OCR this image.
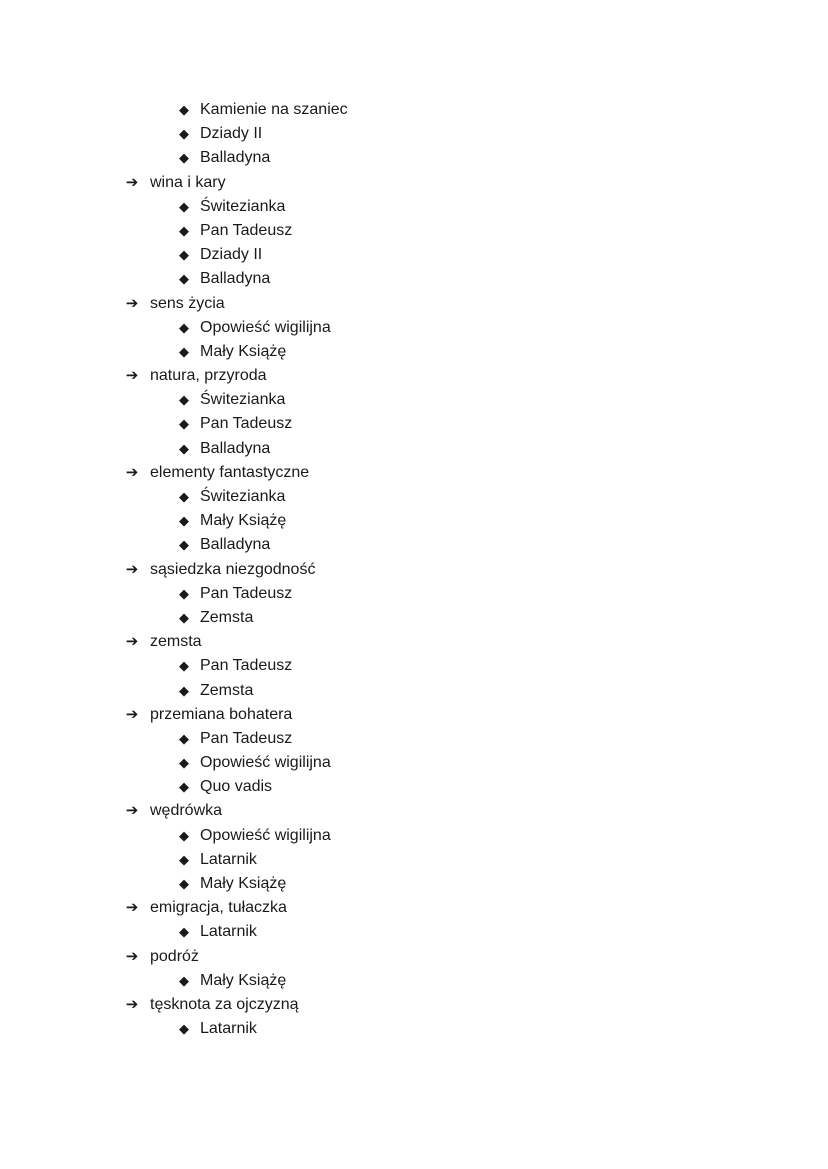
◆ Kamienie na szaniec
◆ Dziady II
◆ Balladyna
➔ wina i kary
◆ Świtezianka
◆ Pan Tadeusz
◆ Dziady II
◆ Balladyna
➔ sens życia
◆ Opowieść wigilijna
◆ Mały Książę
➔ natura, przyroda
◆ Świtezianka
◆ Pan Tadeusz
◆ Balladyna
➔ elementy fantastyczne
◆ Świtezianka
◆ Mały Książę
◆ Balladyna
➔ sąsiedzka niezgodność
◆ Pan Tadeusz
◆ Zemsta
➔ zemsta
◆ Pan Tadeusz
◆ Zemsta
➔ przemiana bohatera
◆ Pan Tadeusz
◆ Opowieść wigilijna
◆ Quo vadis
➔ wędrówka
◆ Opowieść wigilijna
◆ Latarnik
◆ Mały Książę
➔ emigracja, tułaczka
◆ Latarnik
➔ podróż
◆ Mały Książę
➔ tęsknota za ojczyzną
◆ Latarnik
